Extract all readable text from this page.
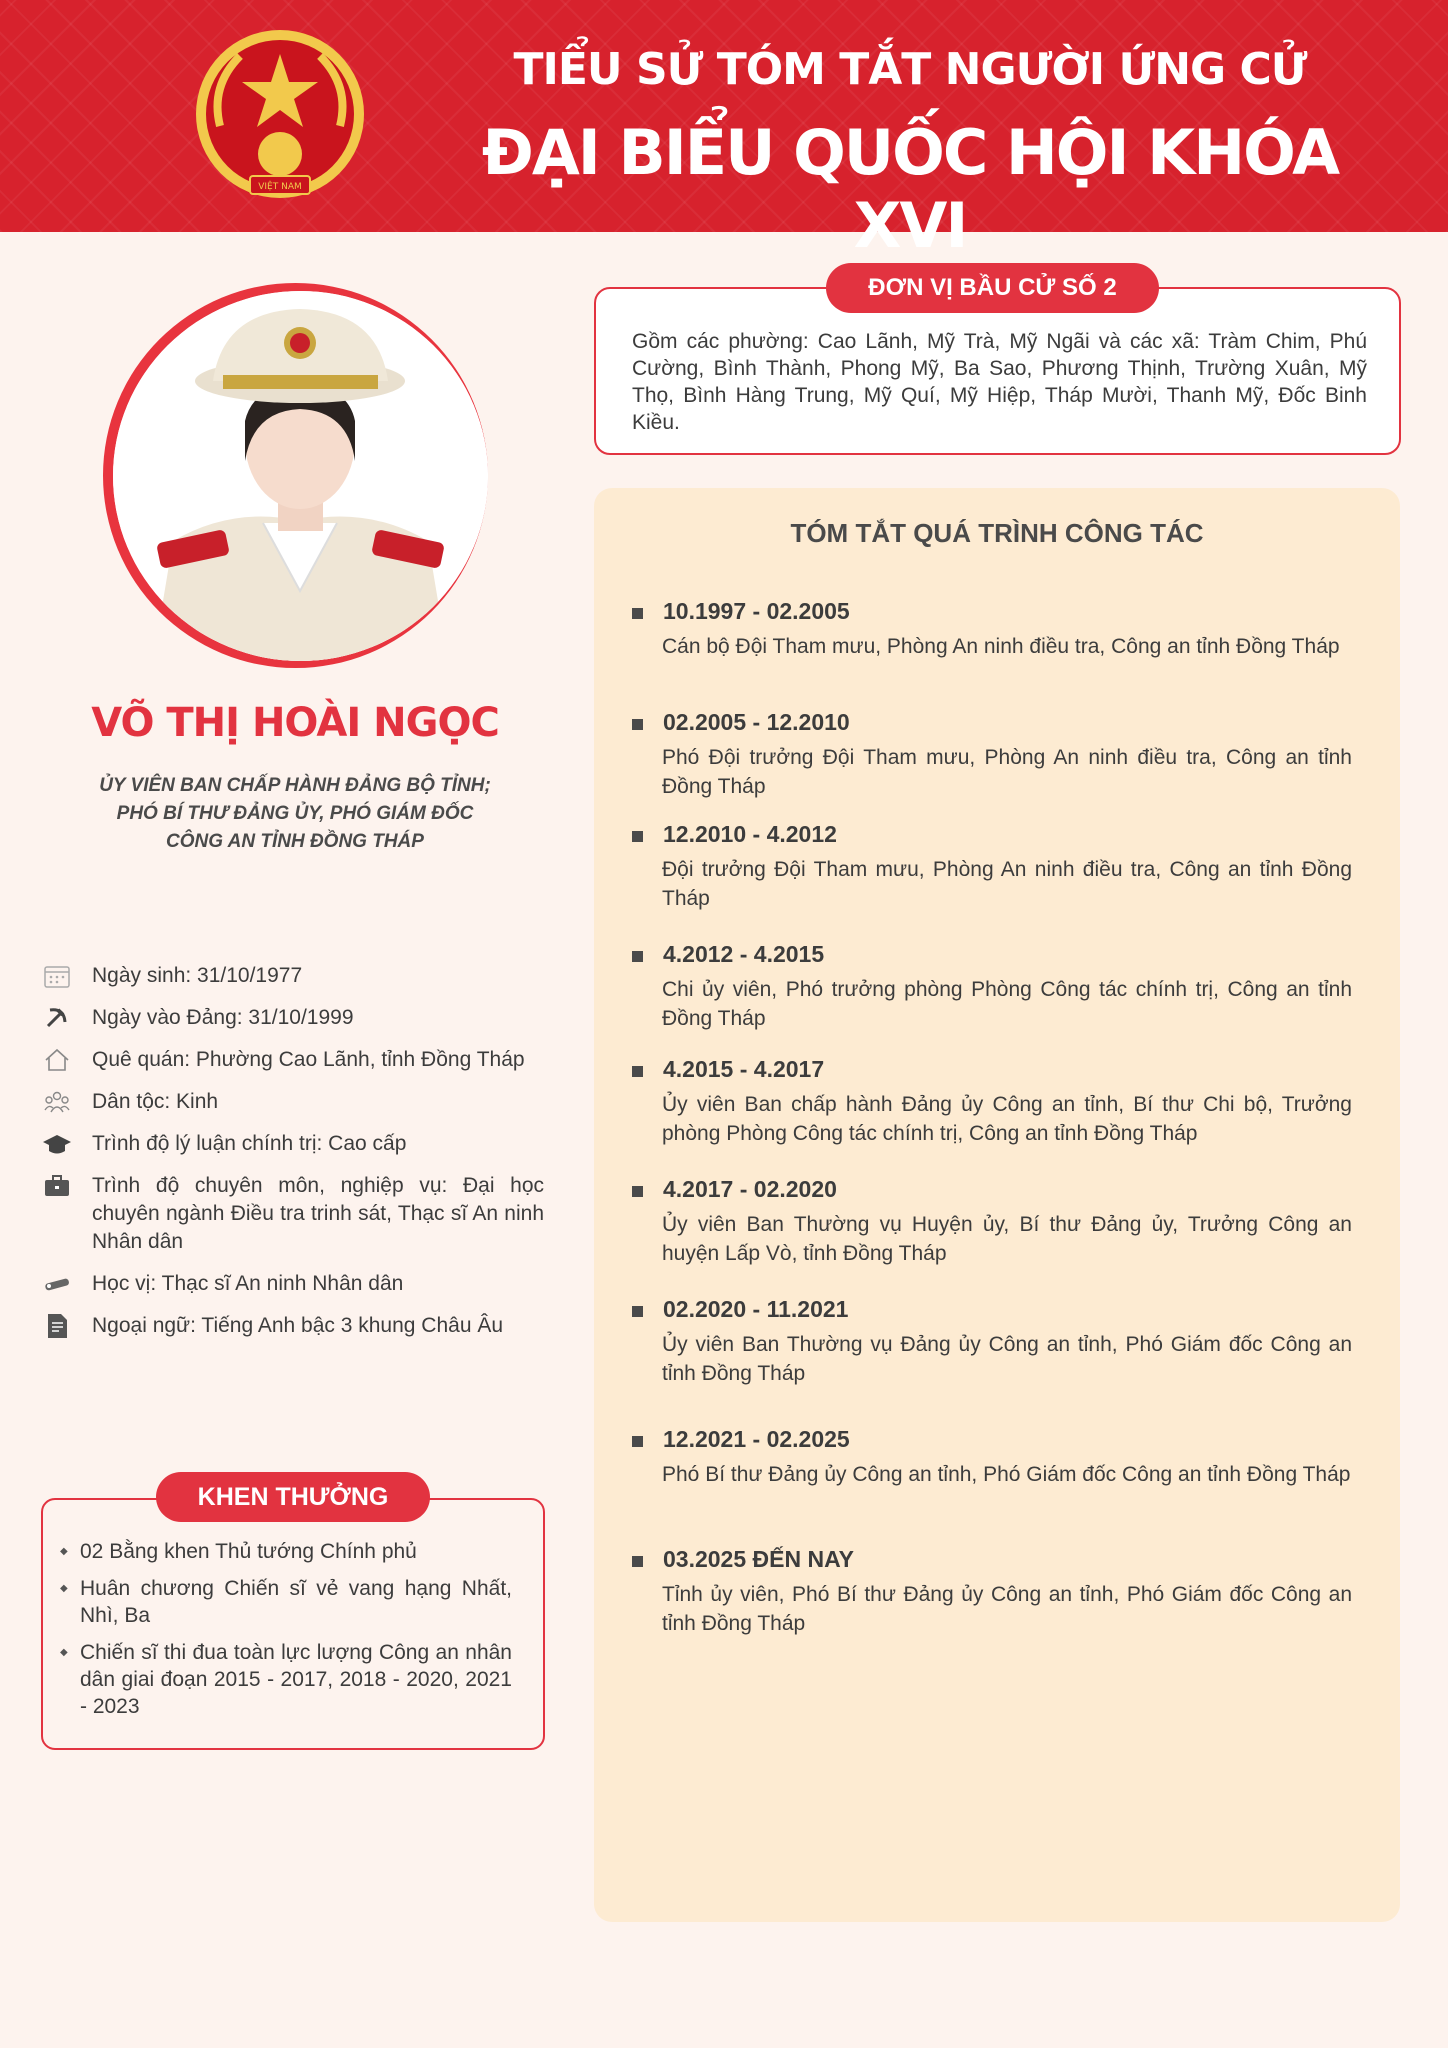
VIỆT NAM
TIỂU SỬ TÓM TẮT NGƯỜI ỨNG CỬ
ĐẠI BIỂU QUỐC HỘI KHÓA XVI
VÕ THỊ HOÀI NGỌC
ỦY VIÊN BAN CHẤP HÀNH ĐẢNG BỘ TỈNH;
PHÓ BÍ THƯ ĐẢNG ỦY, PHÓ GIÁM ĐỐC
CÔNG AN TỈNH ĐỒNG THÁP
Ngày sinh: 31/10/1977
Ngày vào Đảng: 31/10/1999
Quê quán: Phường Cao Lãnh, tỉnh Đồng Tháp
Dân tộc: Kinh
Trình độ lý luận chính trị: Cao cấp
Trình độ chuyên môn, nghiệp vụ: Đại học chuyên ngành Điều tra trinh sát, Thạc sĩ An ninh Nhân dân
Học vị: Thạc sĩ An ninh Nhân dân
Ngoại ngữ: Tiếng Anh bậc 3 khung Châu Âu
KHEN THƯỞNG
◆ 02 Bằng khen Thủ tướng Chính phủ
◆ Huân chương Chiến sĩ vẻ vang hạng Nhất, Nhì, Ba
◆ Chiến sĩ thi đua toàn lực lượng Công an nhân dân giai đoạn 2015 - 2017, 2018 - 2020, 2021 - 2023
ĐƠN VỊ BẦU CỬ SỐ 2
Gồm các phường: Cao Lãnh, Mỹ Trà, Mỹ Ngãi và các xã: Tràm Chim, Phú Cường, Bình Thành, Phong Mỹ, Ba Sao, Phương Thịnh, Trường Xuân, Mỹ Thọ, Bình Hàng Trung, Mỹ Quí, Mỹ Hiệp, Tháp Mười, Thanh Mỹ, Đốc Binh Kiều.
TÓM TẮT QUÁ TRÌNH CÔNG TÁC
10.1997 - 02.2005
Cán bộ Đội Tham mưu, Phòng An ninh điều tra, Công an tỉnh Đồng Tháp
02.2005 - 12.2010
Phó Đội trưởng Đội Tham mưu, Phòng An ninh điều tra, Công an tỉnh Đồng Tháp
12.2010 - 4.2012
Đội trưởng Đội Tham mưu, Phòng An ninh điều tra, Công an tỉnh Đồng Tháp
4.2012 - 4.2015
Chi ủy viên, Phó trưởng phòng Phòng Công tác chính trị, Công an tỉnh Đồng Tháp
4.2015 - 4.2017
Ủy viên Ban chấp hành Đảng ủy Công an tỉnh, Bí thư Chi bộ, Trưởng phòng Phòng Công tác chính trị, Công an tỉnh Đồng Tháp
4.2017 - 02.2020
Ủy viên Ban Thường vụ Huyện ủy, Bí thư Đảng ủy, Trưởng Công an huyện Lấp Vò, tỉnh Đồng Tháp
02.2020 - 11.2021
Ủy viên Ban Thường vụ Đảng ủy Công an tỉnh, Phó Giám đốc Công an tỉnh Đồng Tháp
12.2021 - 02.2025
Phó Bí thư Đảng ủy Công an tỉnh, Phó Giám đốc Công an tỉnh Đồng Tháp
03.2025 ĐẾN NAY
Tỉnh ủy viên, Phó Bí thư Đảng ủy Công an tỉnh, Phó Giám đốc Công an tỉnh Đồng Tháp
